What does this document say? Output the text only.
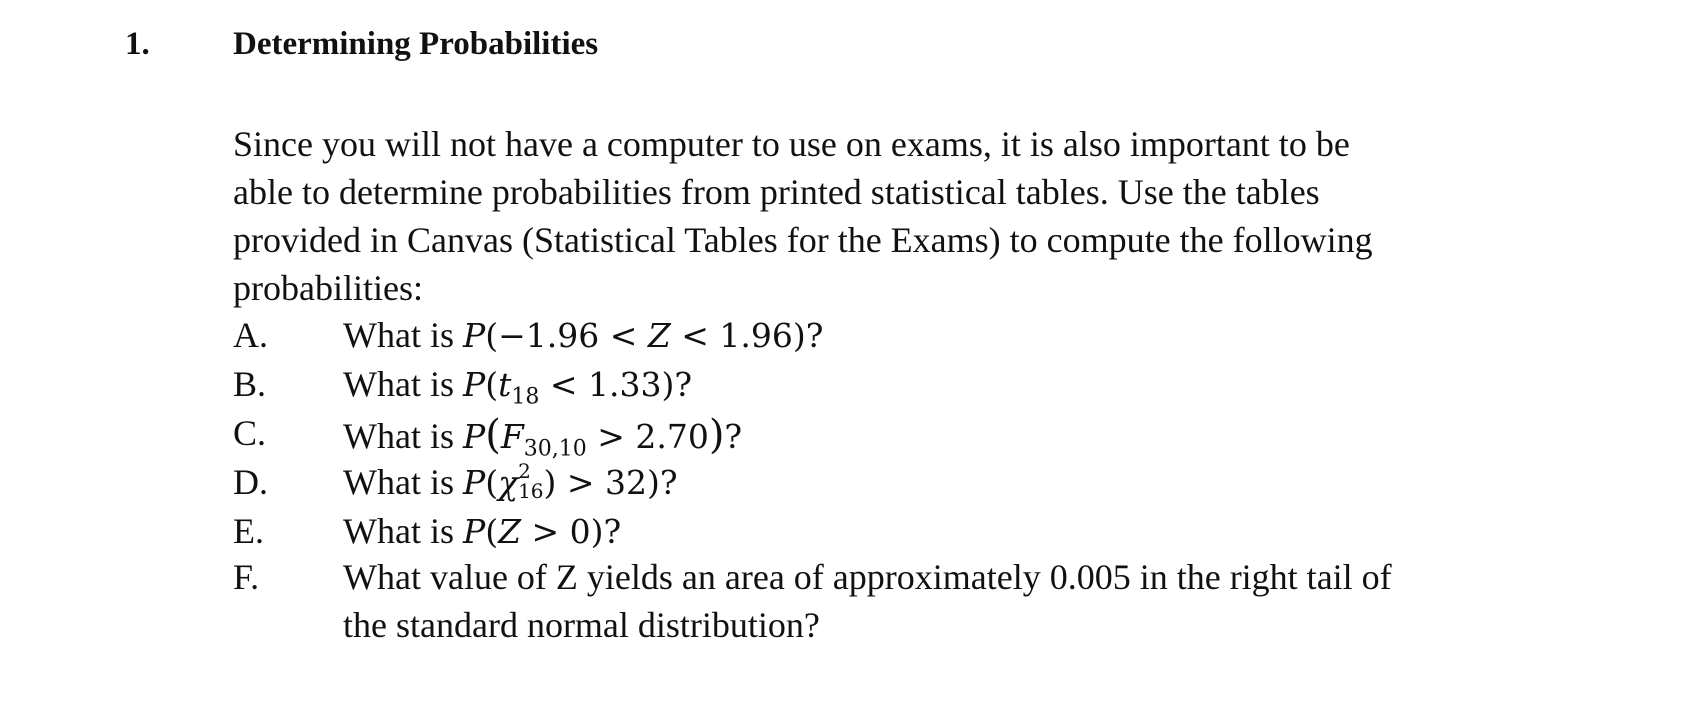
1.	Determining Probabilities
Since you will not have a computer to use on exams, it is also important to be
able to determine probabilities from printed statistical tables. Use the tables
provided in Canvas (Statistical Tables for the Exams) to compute the following
probabilities:
A. What is P(−1.96 < Z < 1.96)?
B. What is $P(t_{18} < 1.33)$?
C. What is $P(F_{30,10} > 2.70)$?
D. What is P(χ 2
16 ) > 32)?
E. What is P(Z > 0)?
F. What value of Z yields an area of approximately 0.005 in the right tail of
the standard normal distribution?
